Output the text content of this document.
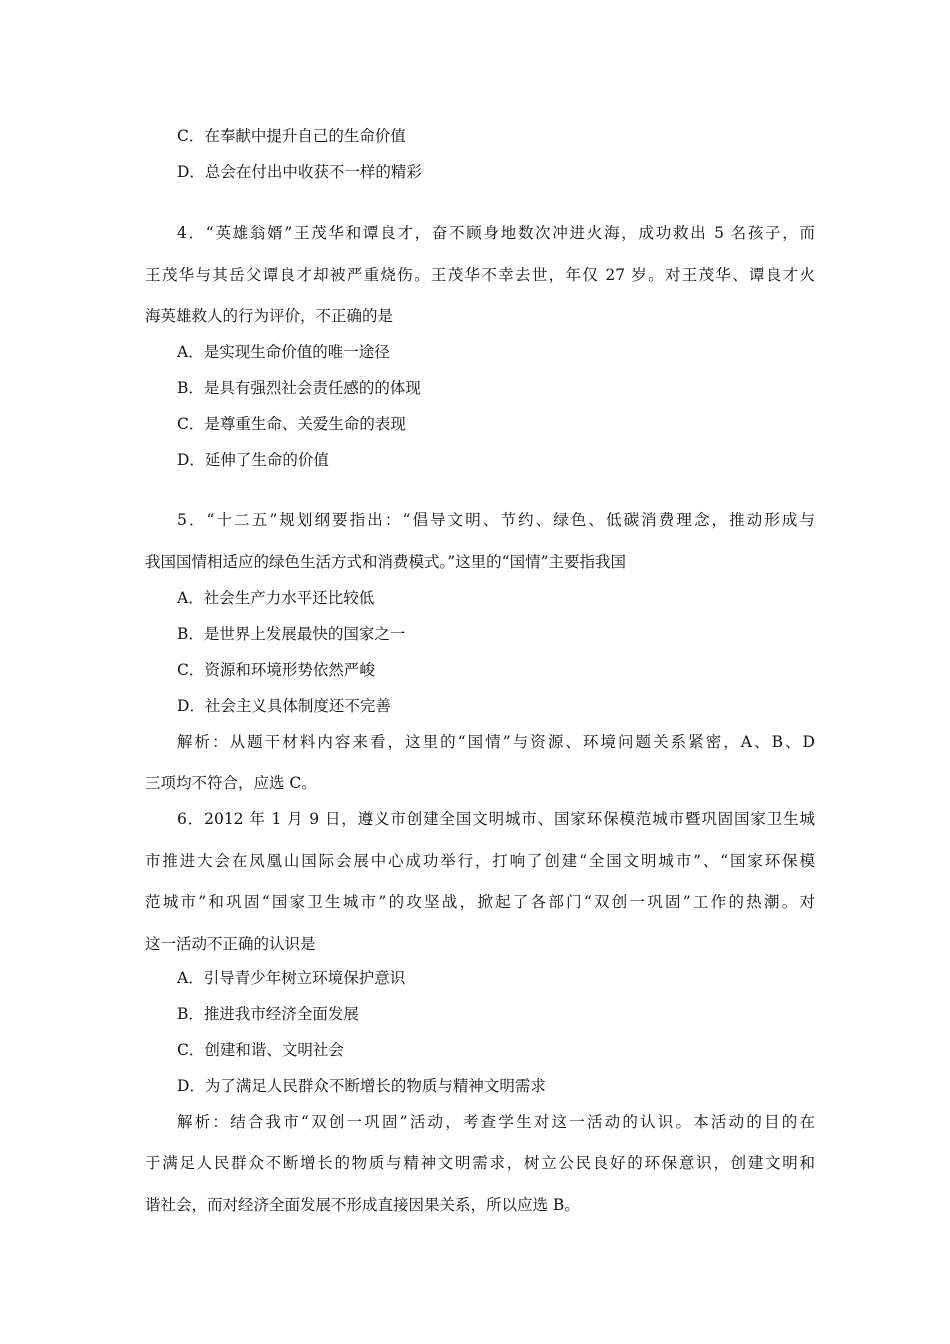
C．在奉献中提升自己的生命价值
D．总会在付出中收获不一样的精彩
4．“英雄翁婿”王茂华和谭良才，奋不顾身地数次冲进火海，成功救出 5 名孩子，而
王茂华与其岳父谭良才却被严重烧伤。王茂华不幸去世，年仅 27 岁。对王茂华、谭良才火
海英雄救人的行为评价，不正确的是
A．是实现生命价值的唯一途径
B．是具有强烈社会责任感的的体现
C．是尊重生命、关爱生命的表现
D．延伸了生命的价值
5．“十二五”规划纲要指出：“倡导文明、节约、绿色、低碳消费理念，推动形成与
我国国情相适应的绿色生活方式和消费模式。”这里的“国情”主要指我国
A．社会生产力水平还比较低
B．是世界上发展最快的国家之一
C．资源和环境形势依然严峻
D．社会主义具体制度还不完善
解析：从题干材料内容来看，这里的“国情”与资源、环境问题关系紧密，A、B、D
三项均不符合，应选 C。
6．2012 年 1 月 9 日，遵义市创建全国文明城市、国家环保模范城市暨巩固国家卫生城
市推进大会在凤凰山国际会展中心成功举行，打响了创建“全国文明城市”、“国家环保模
范城市”和巩固“国家卫生城市”的攻坚战，掀起了各部门“双创一巩固”工作的热潮。对
这一活动不正确的认识是
A．引导青少年树立环境保护意识
B．推进我市经济全面发展
C．创建和谐、文明社会
D．为了满足人民群众不断增长的物质与精神文明需求
解析：结合我市“双创一巩固”活动，考查学生对这一活动的认识。本活动的目的在
于满足人民群众不断增长的物质与精神文明需求，树立公民良好的环保意识，创建文明和
谐社会，而对经济全面发展不形成直接因果关系，所以应选 B。
